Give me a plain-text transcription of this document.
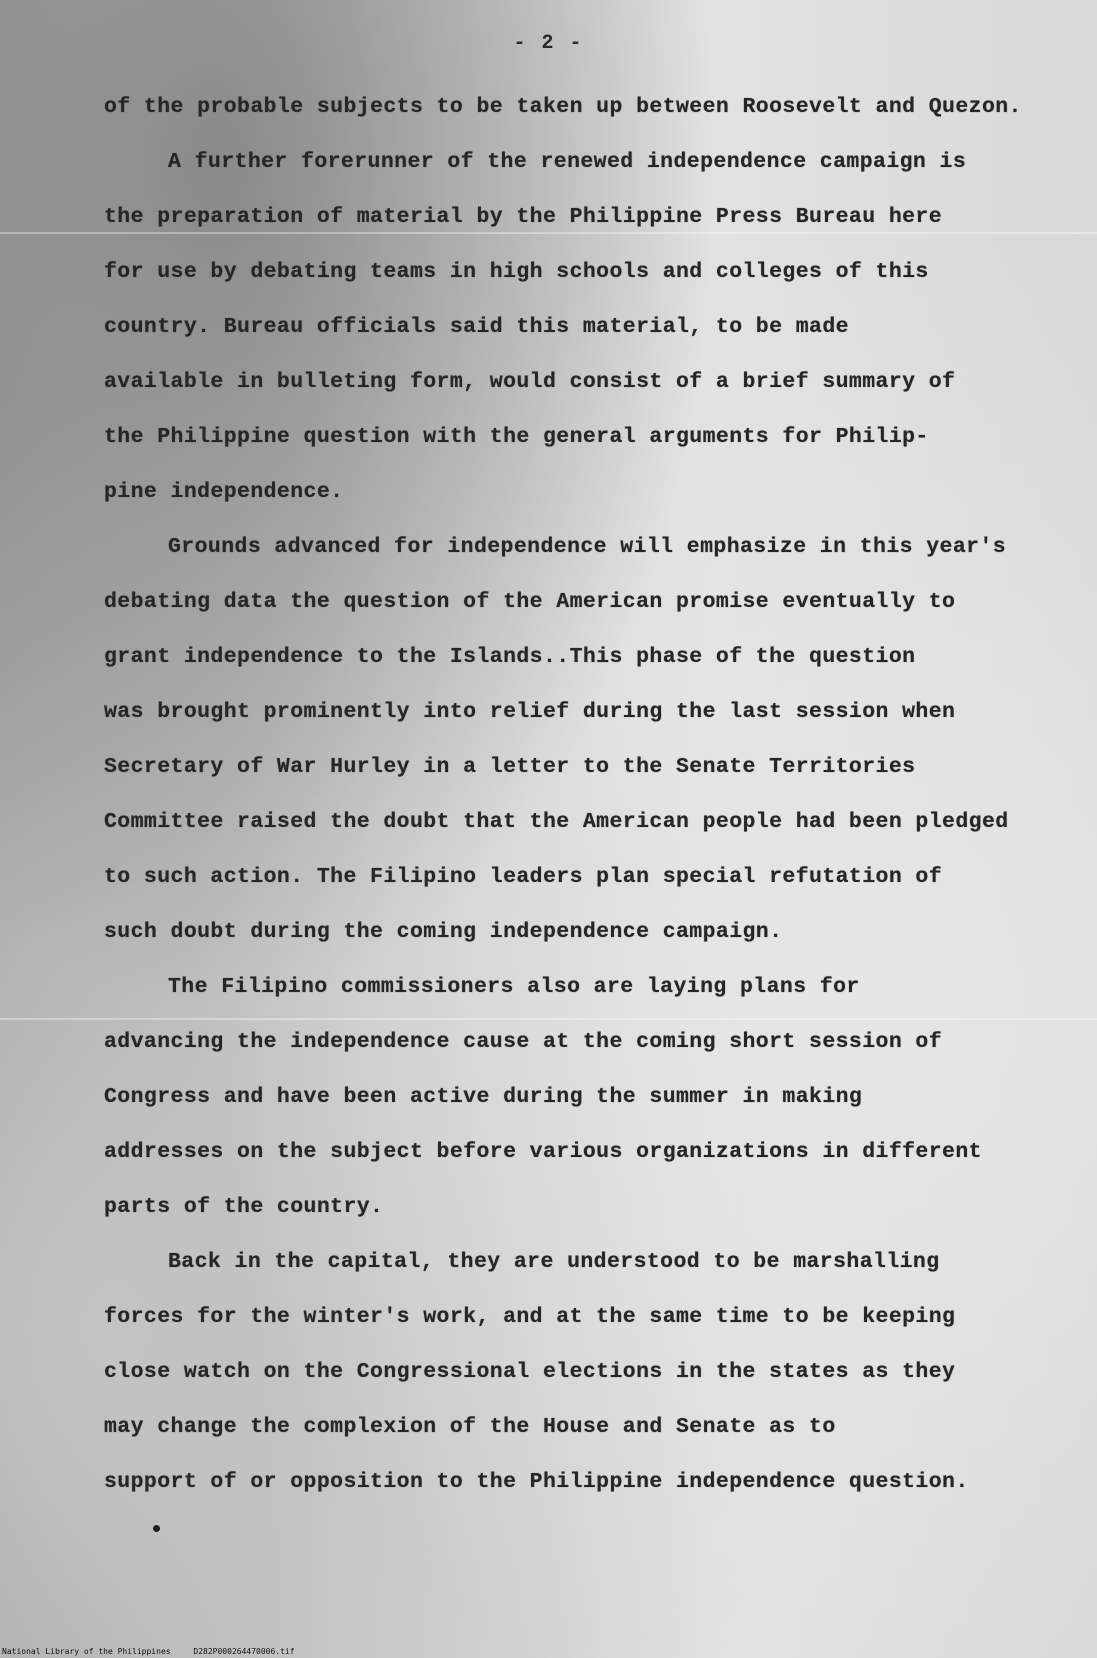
- 2 -
of the probable subjects to be taken up between Roosevelt and Quezon.
A further forerunner of the renewed independence campaign is
the preparation of material by the Philippine Press Bureau here
for use by debating teams in high schools and colleges of this
country. Bureau officials said this material, to be made
available in bulleting form, would consist of a brief summary of
the Philippine question with the general arguments for Philip-
pine independence.
Grounds advanced for independence will emphasize in this year's
debating data the question of the American promise eventually to
grant independence to the Islands..This phase of the question
was brought prominently into relief during the last session when
Secretary of War Hurley in a letter to the Senate Territories
Committee raised the doubt that the American people had been pledged
to such action. The Filipino leaders plan special refutation of
such doubt during the coming independence campaign.
The Filipino commissioners also are laying plans for
advancing the independence cause at the coming short session of
Congress and have been active during the summer in making
addresses on the subject before various organizations in different
parts of the country.
Back in the capital, they are understood to be marshalling
forces for the winter's work, and at the same time to be keeping
close watch on the Congressional elections in the states as they
may change the complexion of the House and Senate as to
support of or opposition to the Philippine independence question.
National Library of the Philippines	D282P000264470006.tif
